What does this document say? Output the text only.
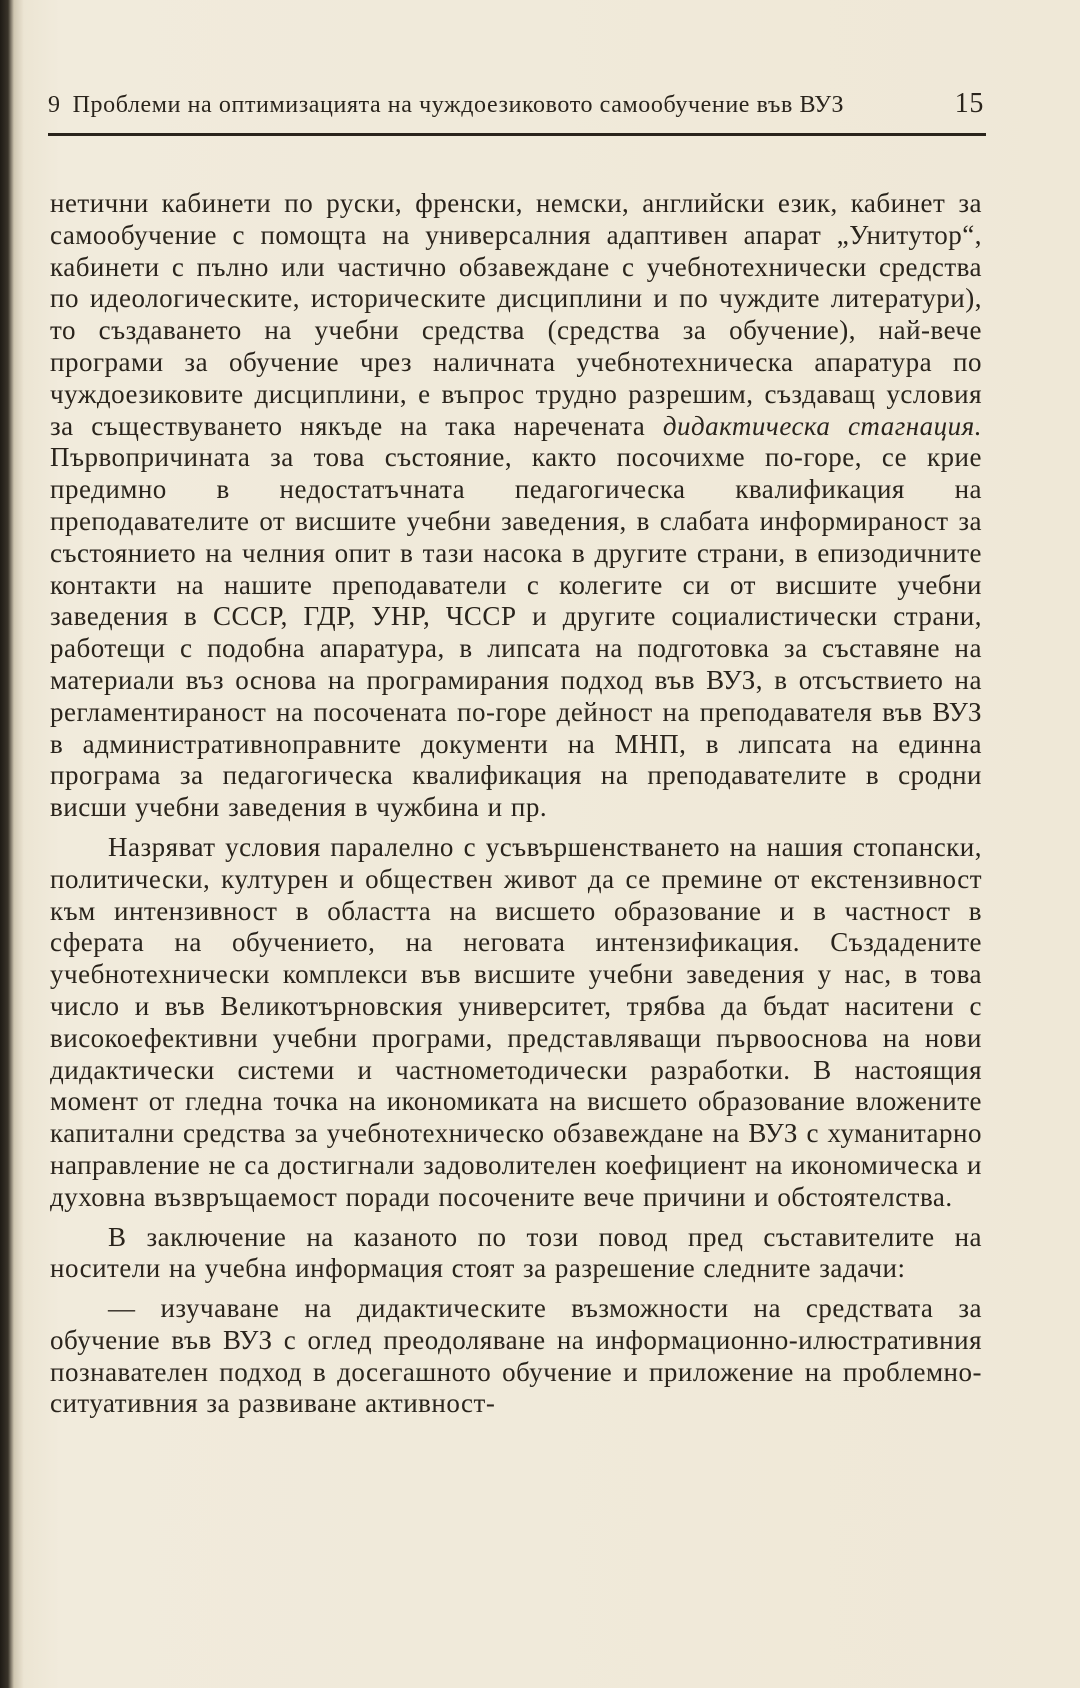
9 Проблеми на оптимизацията на чуждоезиковото самообучение във ВУЗ	15

нетични кабинети по руски, френски, немски, английски език, кабинет за самообучение с помощта на универсалния адаптивен апарат „Унитутор“, кабинети с пълно или частично обзавеждане с учебнотехнически средства по идеологическите, историческите дисциплини и по чуждите литератури), то създаването на учебни средства (средства за обучение), най-вече програми за обучение чрез наличната учебнотехническа апаратура по чуждоезиковите дисциплини, е въпрос трудно разрешим, създаващ условия за съществуването някъде на така наречената дидактическа стагнация. Първопричината за това състояние, както посочихме по-горе, се крие предимно в недостатъчната педагогическа квалификация на преподавателите от висшите учебни заведения, в слабата информираност за състоянието на челния опит в тази насока в другите страни, в епизодичните контакти на нашите преподаватели с колегите си от висшите учебни заведения в СССР, ГДР, УНР, ЧССР и другите социалистически страни, работещи с подобна апаратура, в липсата на подготовка за съставяне на материали въз основа на програмирания подход във ВУЗ, в отсъствието на регламентираност на посочената по-горе дейност на преподавателя във ВУЗ в административноправните документи на МНП, в липсата на единна програма за педагогическа квалификация на преподавателите в сродни висши учебни заведения в чужбина и пр.

Назряват условия паралелно с усъвършенстването на нашия стопански, политически, културен и обществен живот да се премине от екстензивност към интензивност в областта на висшето образование и в частност в сферата на обучението, на неговата интензификация. Създадените учебнотехнически комплекси във висшите учебни заведения у нас, в това число и във Великотърновския университет, трябва да бъдат наситени с високоефективни учебни програми, представляващи първооснова на нови дидактически системи и частнометодически разработки. В настоящия момент от гледна точка на икономиката на висшето образование вложените капитални средства за учебнотехническо обзавеждане на ВУЗ с хуманитарно направление не са достигнали задоволителен коефициент на икономическа и духовна възвръщаемост поради посочените вече причини и обстоятелства.

В заключение на казаното по този повод пред съставителите на носители на учебна информация стоят за разрешение следните задачи:

— изучаване на дидактическите възможности на средствата за обучение във ВУЗ с оглед преодоляване на информационно-илюстративния познавателен подход в досегашното обучение и приложение на проблемно-ситуативния за развиване активност-
